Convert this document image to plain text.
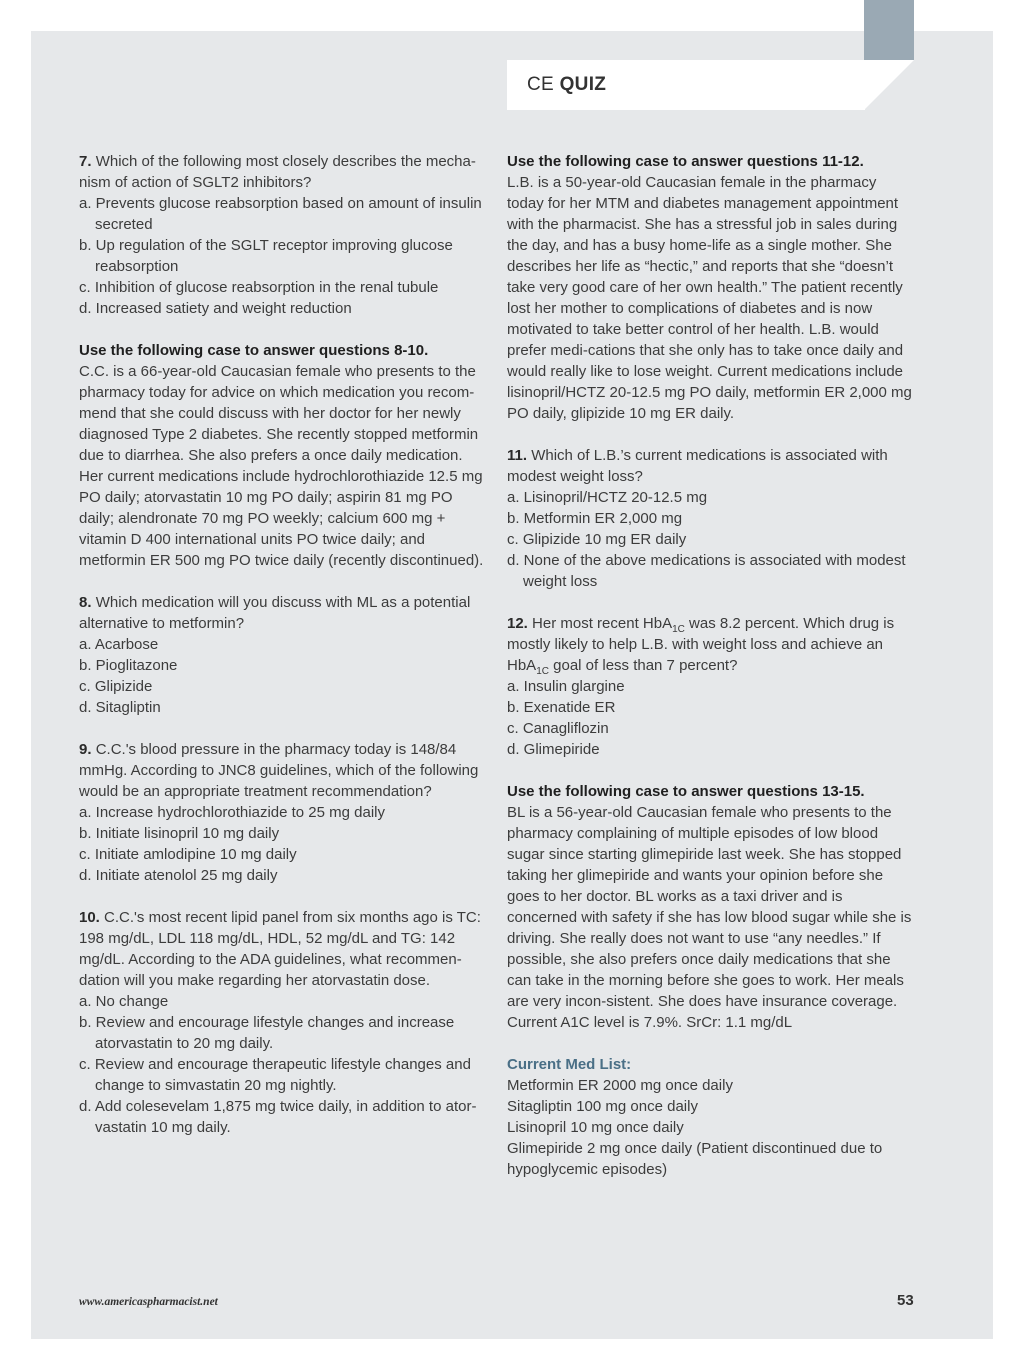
CE QUIZ
7. Which of the following most closely describes the mecha-nism of action of SGLT2 inhibitors?
a. Prevents glucose reabsorption based on amount of insulin secreted
b. Up regulation of the SGLT receptor improving glucose reabsorption
c. Inhibition of glucose reabsorption in the renal tubule
d. Increased satiety and weight reduction
Use the following case to answer questions 8-10.
C.C. is a 66-year-old Caucasian female who presents to the pharmacy today for advice on which medication you recom-mend that she could discuss with her doctor for her newly diagnosed Type 2 diabetes. She recently stopped metformin due to diarrhea. She also prefers a once daily medication. Her current medications include hydrochlorothiazide 12.5 mg PO daily; atorvastatin 10 mg PO daily; aspirin 81 mg PO daily; alendronate 70 mg PO weekly; calcium 600 mg + vitamin D 400 international units PO twice daily; and metformin ER 500 mg PO twice daily (recently discontinued).
8. Which medication will you discuss with ML as a potential alternative to metformin?
a. Acarbose
b. Pioglitazone
c. Glipizide
d. Sitagliptin
9. C.C.'s blood pressure in the pharmacy today is 148/84 mmHg. According to JNC8 guidelines, which of the following would be an appropriate treatment recommendation?
a. Increase hydrochlorothiazide to 25 mg daily
b. Initiate lisinopril 10 mg daily
c. Initiate amlodipine 10 mg daily
d. Initiate atenolol 25 mg daily
10. C.C.'s most recent lipid panel from six months ago is TC: 198 mg/dL, LDL 118 mg/dL, HDL, 52 mg/dL and TG: 142 mg/dL. According to the ADA guidelines, what recommen-dation will you make regarding her atorvastatin dose.
a. No change
b. Review and encourage lifestyle changes and increase atorvastatin to 20 mg daily.
c. Review and encourage therapeutic lifestyle changes and change to simvastatin 20 mg nightly.
d. Add colesevelam 1,875 mg twice daily, in addition to ator-vastatin 10 mg daily.
Use the following case to answer questions 11-12.
L.B. is a 50-year-old Caucasian female in the pharmacy today for her MTM and diabetes management appointment with the pharmacist. She has a stressful job in sales during the day, and has a busy home-life as a single mother. She describes her life as “hectic,” and reports that she “doesn’t take very good care of her own health.” The patient recently lost her mother to complications of diabetes and is now motivated to take better control of her health. L.B. would prefer medi-cations that she only has to take once daily and would really like to lose weight. Current medications include lisinopril/HCTZ 20-12.5 mg PO daily, metformin ER 2,000 mg PO daily, glipizide 10 mg ER daily.
11. Which of L.B.’s current medications is associated with modest weight loss?
a. Lisinopril/HCTZ 20-12.5 mg
b. Metformin ER 2,000 mg
c. Glipizide 10 mg ER daily
d. None of the above medications is associated with modest weight loss
12. Her most recent HbA$_{1C}$ was 8.2 percent. Which drug is mostly likely to help L.B. with weight loss and achieve an HbA$_{1C}$ goal of less than 7 percent?
a. Insulin glargine
b. Exenatide ER
c. Canagliflozin
d. Glimepiride
Use the following case to answer questions 13-15.
BL is a 56-year-old Caucasian female who presents to the pharmacy complaining of multiple episodes of low blood sugar since starting glimepiride last week. She has stopped taking her glimepiride and wants your opinion before she goes to her doctor. BL works as a taxi driver and is concerned with safety if she has low blood sugar while she is driving. She really does not want to use “any needles.” If possible, she also prefers once daily medications that she can take in the morning before she goes to work. Her meals are very incon-sistent. She does have insurance coverage. Current A1C level is 7.9%. SrCr: 1.1 mg/dL
Current Med List:
Metformin ER 2000 mg once daily
Sitagliptin 100 mg once daily
Lisinopril 10 mg once daily
Glimepiride 2 mg once daily (Patient discontinued due to hypoglycemic episodes)
www.americaspharmacist.net	53
